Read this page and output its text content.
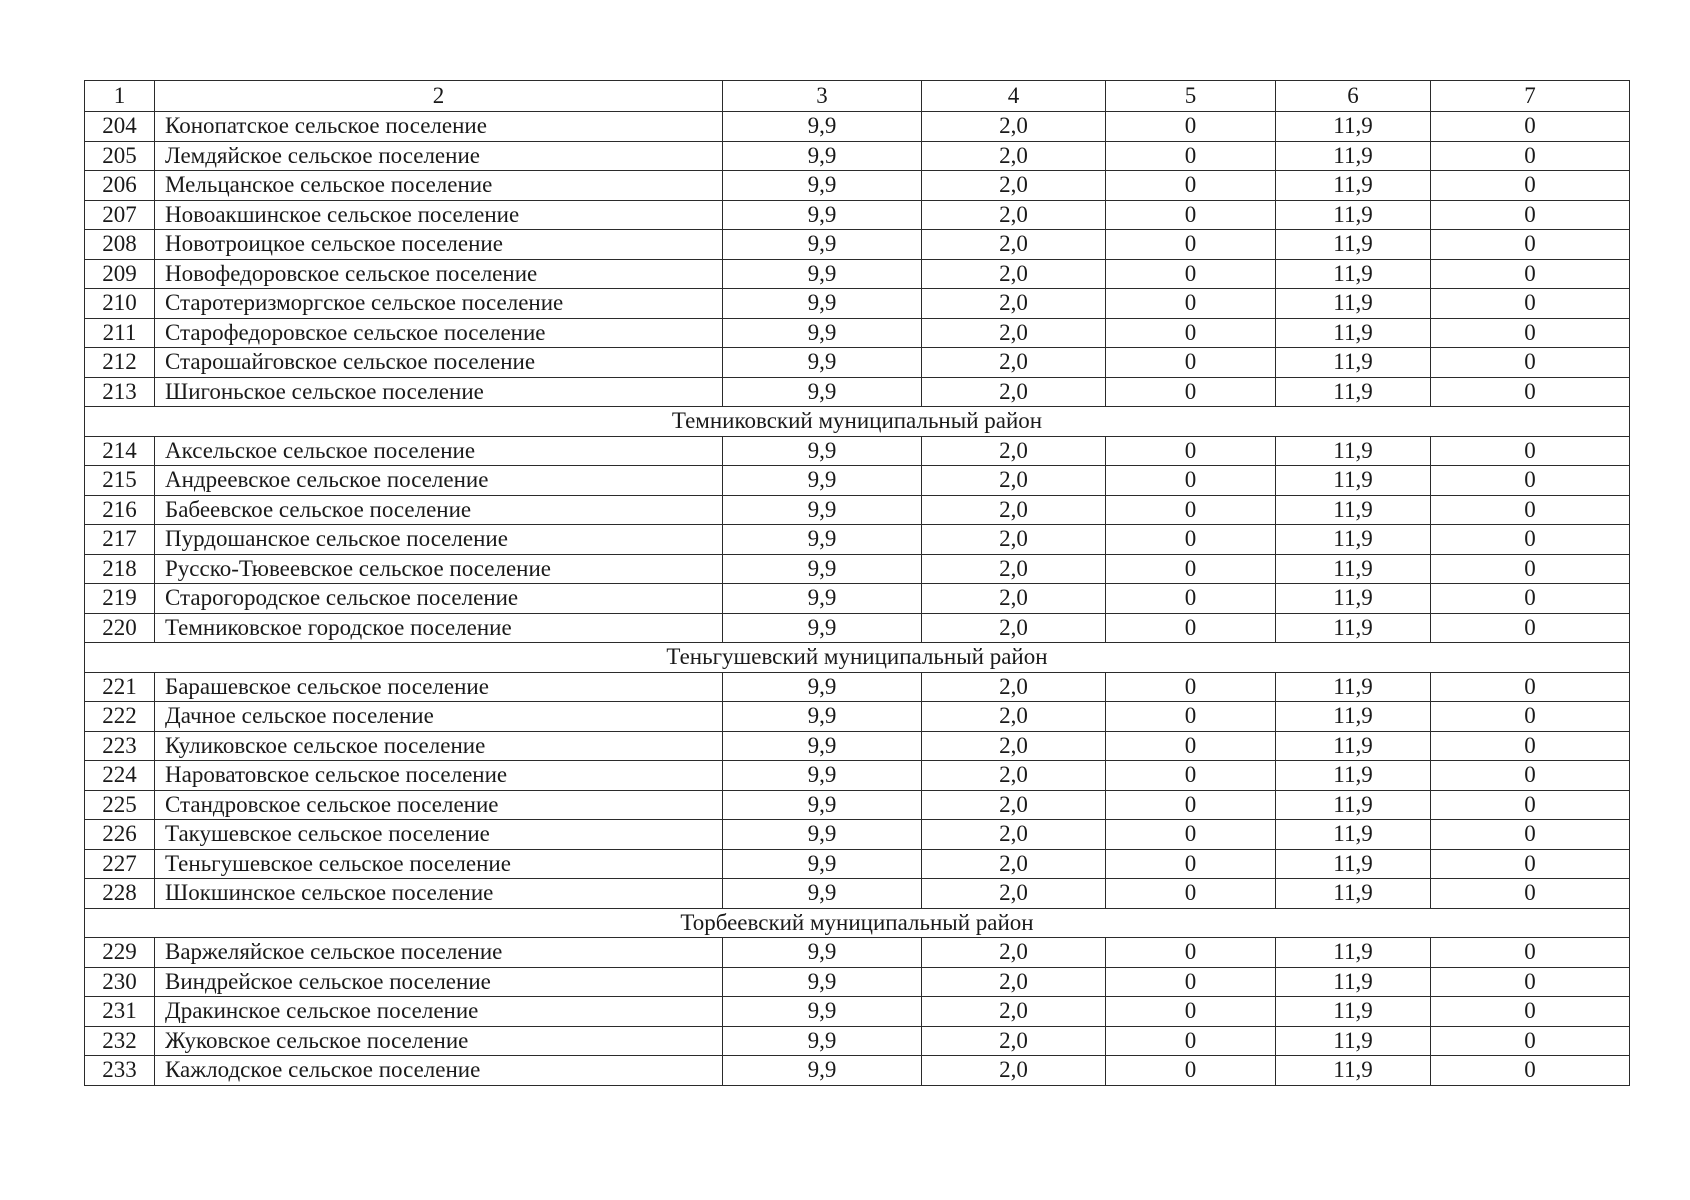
1	2	3	4	5	6	7
204	Конопатское сельское поселение	9,9	2,0	0	11,9	0
205	Лемдяйское сельское поселение	9,9	2,0	0	11,9	0
206	Мельцанское сельское поселение	9,9	2,0	0	11,9	0
207	Новоакшинское сельское поселение	9,9	2,0	0	11,9	0
208	Новотроицкое сельское поселение	9,9	2,0	0	11,9	0
209	Новофедоровское сельское поселение	9,9	2,0	0	11,9	0
210	Старотеризморгское сельское поселение	9,9	2,0	0	11,9	0
211	Старофедоровское сельское поселение	9,9	2,0	0	11,9	0
212	Старошайговское сельское поселение	9,9	2,0	0	11,9	0
213	Шигоньское сельское поселение	9,9	2,0	0	11,9	0
Темниковский муниципальный район						
214	Аксельское сельское поселение	9,9	2,0	0	11,9	0
215	Андреевское сельское поселение	9,9	2,0	0	11,9	0
216	Бабеевское сельское поселение	9,9	2,0	0	11,9	0
217	Пурдошанское сельское поселение	9,9	2,0	0	11,9	0
218	Русско-Тювеевское сельское поселение	9,9	2,0	0	11,9	0
219	Старогородское сельское поселение	9,9	2,0	0	11,9	0
220	Темниковское городское поселение	9,9	2,0	0	11,9	0
Теньгушевский муниципальный район						
221	Барашевское сельское поселение	9,9	2,0	0	11,9	0
222	Дачное сельское поселение	9,9	2,0	0	11,9	0
223	Куликовское сельское поселение	9,9	2,0	0	11,9	0
224	Нароватовское сельское поселение	9,9	2,0	0	11,9	0
225	Стандровское сельское поселение	9,9	2,0	0	11,9	0
226	Такушевское сельское поселение	9,9	2,0	0	11,9	0
227	Теньгушевское сельское поселение	9,9	2,0	0	11,9	0
228	Шокшинское сельское поселение	9,9	2,0	0	11,9	0
Торбеевский муниципальный район						
229	Варжеляйское сельское поселение	9,9	2,0	0	11,9	0
230	Виндрейское сельское поселение	9,9	2,0	0	11,9	0
231	Дракинское сельское поселение	9,9	2,0	0	11,9	0
232	Жуковское сельское поселение	9,9	2,0	0	11,9	0
233	Кажлодское сельское поселение	9,9	2,0	0	11,9	0
